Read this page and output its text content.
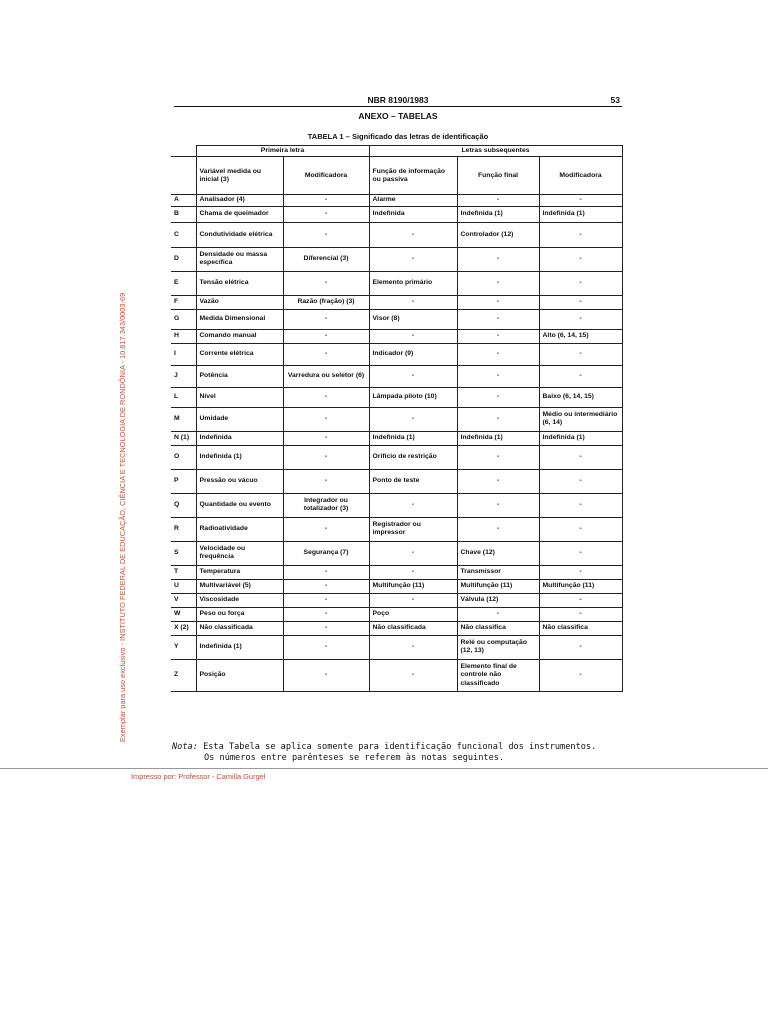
NBR 8190/1983	53
ANEXO – TABELAS
TABELA 1 – Significado das letras de identificação
	Primeira letra		Letras subsequentes		
	Variável medida ou inicial (3)	Modificadora	Função de informação ou passiva	Função final	Modificadora
A	Analisador (4)	-	Alarme	-	-
B	Chama de queimador	-	Indefinida	Indefinida (1)	Indefinida (1)
C	Condutividade elétrica	-	-	Controlador (12)	-
D	Densidade ou massa específica	Diferencial (3)	-	-	-
E	Tensão elétrica	-	Elemento primário	-	-
F	Vazão	Razão (fração) (3)	-	-	-
G	Medida Dimensional	-	Visor (8)	-	-
H	Comando manual	-	-	-	Alto (6, 14, 15)
I	Corrente elétrica	-	Indicador (9)	-	-
J	Potência	Varredura ou seletor (6)	-	-	-
L	Nível	-	Lâmpada piloto (10)	-	Baixo (6, 14, 15)
M	Umidade	-	-	-	Médio ou intermediário (6, 14)
N (1)	Indefinida	-	Indefinida (1)	Indefinida (1)	Indefinida (1)
O	Indefinida (1)	-	Orifício de restrição	-	-
P	Pressão ou vácuo	-	Ponto de teste	-	-
Q	Quantidade ou evento	Integrador ou totalizador (3)	-	-	-
R	Radioatividade	-	Registrador ou impressor	-	-
S	Velocidade ou frequência	Segurança (7)	-	Chave (12)	-
T	Temperatura	-	-	Transmissor	-
U	Multivariável (5)	-	Multifunção (11)	Multifunção (11)	Multifunção (11)
V	Viscosidade	-	-	Válvula (12)	-
W	Peso ou força	-	Poço	-	-
X (2)	Não classificada	-	Não classificada	Não classifica	Não classifica
Y	Indefinida (1)	-	-	Relé ou computação (12, 13)	-
Z	Posição	-	-	Elemento final de controle não classificado	-
Nota: Esta Tabela se aplica somente para identificação funcional dos instrumentos.
Os números entre parênteses se referem às notas seguintes.
Exemplar para uso exclusivo - INSTITUTO FEDERAL DE EDUCAÇÃO, CIÊNCIA E TECNOLOGIA DE RONDÔNIA - 10.817.343/0003-69
Impresso por: Professor - Camilla Gurgel
